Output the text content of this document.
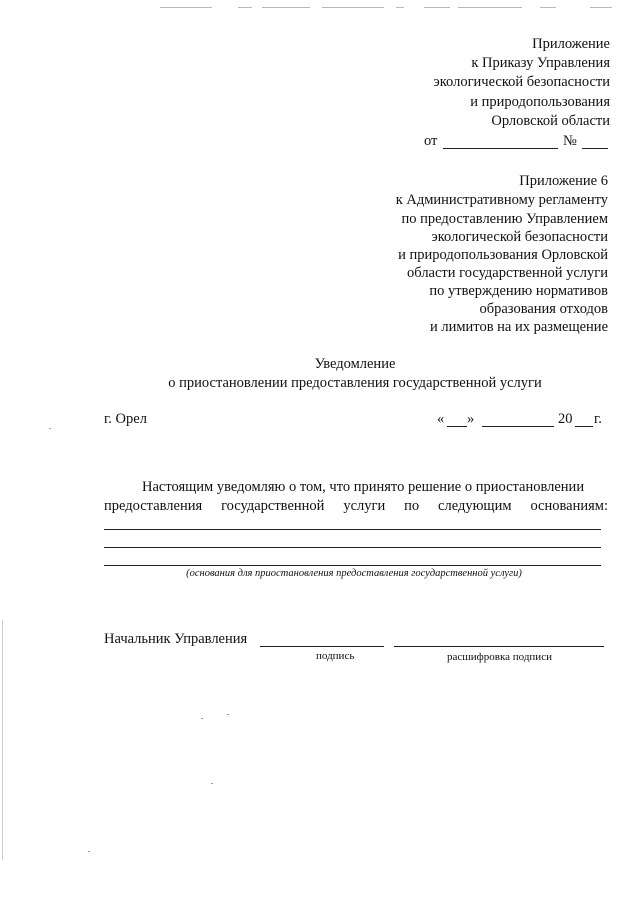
Приложение
к Приказу Управления
экологической безопасности
и природопользования
Орловской области
от	№
Приложение 6
к Административному регламенту
по предоставлению Управлением
экологической безопасности
и природопользования Орловской
области государственной услуги
по утверждению нормативов
образования отходов
и лимитов на их размещение
Уведомление
о приостановлении предоставления государственной услуги
г. Орел	« »	20 г.
Настоящим уведомляю о том, что принято решение о приостановлении
предоставления государственной услуги по следующим основаниям:
(основания для приостановления предоставления государственной услуги)
Начальник Управления
подпись	расшифровка подписи
